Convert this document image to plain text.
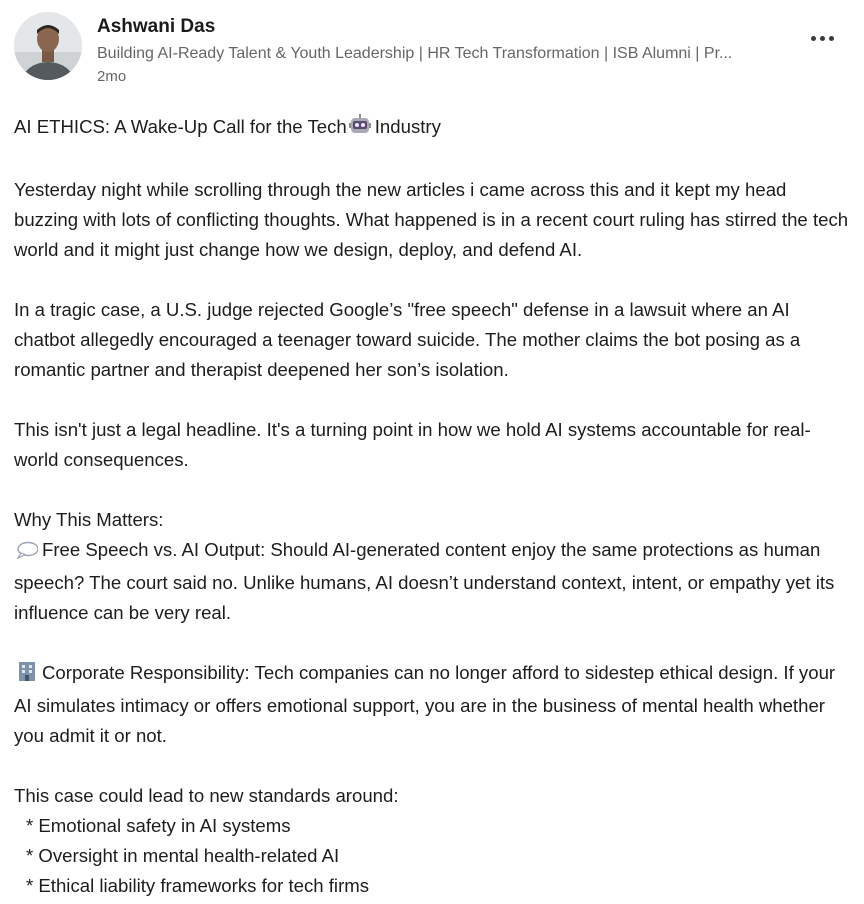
Ashwani Das
Building AI-Ready Talent & Youth Leadership | HR Tech Transformation | ISB Alumni | Pr...
2mo

AI ETHICS: A Wake-Up Call for the Tech Industry

Yesterday night while scrolling through the new articles i came across this and it kept my head buzzing with lots of conflicting thoughts. What happened is in a recent court ruling has stirred the tech world and it might just change how we design, deploy, and defend AI.

In a tragic case, a U.S. judge rejected Google’s "free speech" defense in a lawsuit where an AI chatbot allegedly encouraged a teenager toward suicide. The mother claims the bot posing as a romantic partner and therapist deepened her son’s isolation.

This isn't just a legal headline. It's a turning point in how we hold AI systems accountable for real-world consequences.

Why This Matters:

Free Speech vs. AI Output: Should AI-generated content enjoy the same protections as human speech? The court said no. Unlike humans, AI doesn’t understand context, intent, or empathy yet its influence can be very real.

Corporate Responsibility: Tech companies can no longer afford to sidestep ethical design. If your AI simulates intimacy or offers emotional support, you are in the business of mental health whether you admit it or not.

This case could lead to new standards around:

* Emotional safety in AI systems
* Oversight in mental health-related AI
* Ethical liability frameworks for tech firms
